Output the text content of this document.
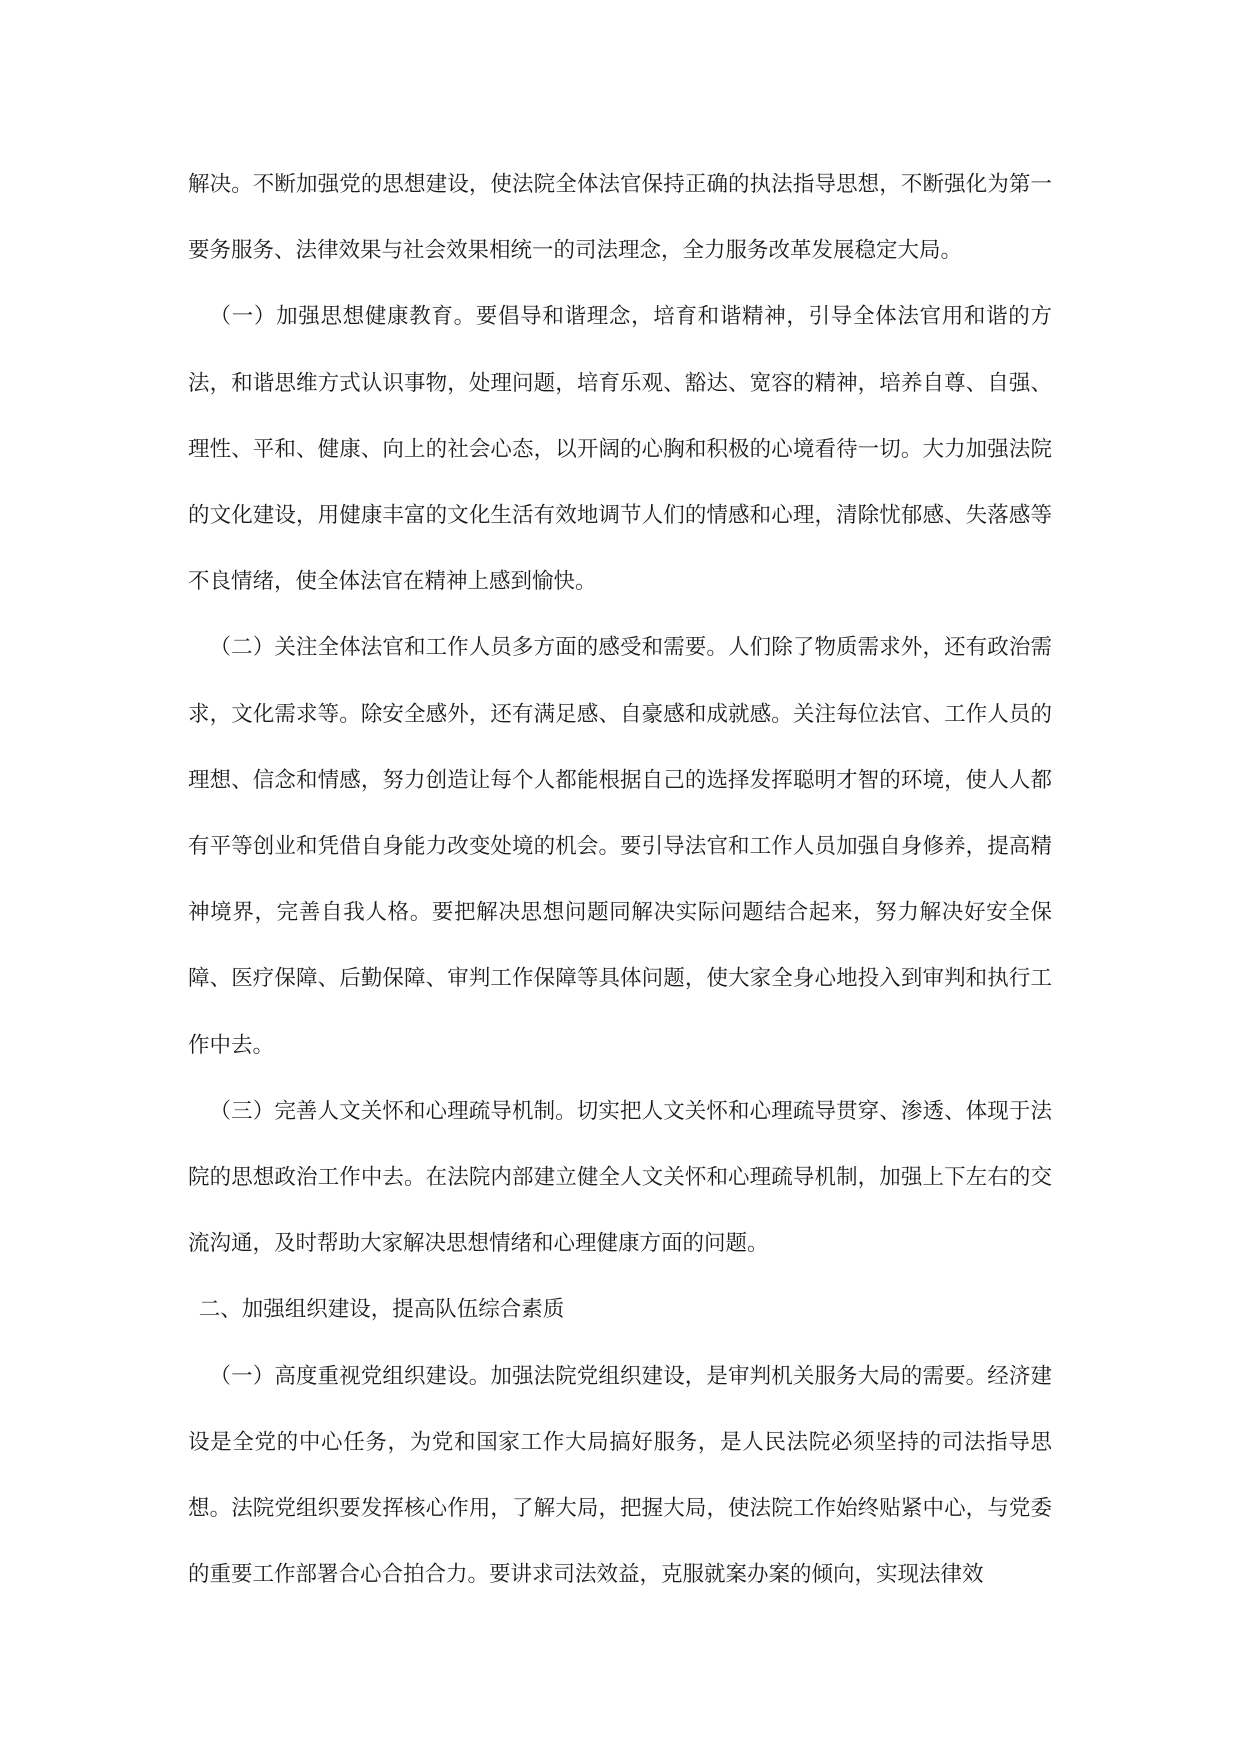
解决。不断加强党的思想建设，使法院全体法官保持正确的执法指导思想，不断强化为第一要务服务、法律效果与社会效果相统一的司法理念，全力服务改革发展稳定大局。

（一）加强思想健康教育。要倡导和谐理念，培育和谐精神，引导全体法官用和谐的方法，和谐思维方式认识事物，处理问题，培育乐观、豁达、宽容的精神，培养自尊、自强、理性、平和、健康、向上的社会心态，以开阔的心胸和积极的心境看待一切。大力加强法院的文化建设，用健康丰富的文化生活有效地调节人们的情感和心理，清除忧郁感、失落感等不良情绪，使全体法官在精神上感到愉快。

（二）关注全体法官和工作人员多方面的感受和需要。人们除了物质需求外，还有政治需求，文化需求等。除安全感外，还有满足感、自豪感和成就感。关注每位法官、工作人员的理想、信念和情感，努力创造让每个人都能根据自己的选择发挥聪明才智的环境，使人人都有平等创业和凭借自身能力改变处境的机会。要引导法官和工作人员加强自身修养，提高精神境界，完善自我人格。要把解决思想问题同解决实际问题结合起来，努力解决好安全保障、医疗保障、后勤保障、审判工作保障等具体问题，使大家全身心地投入到审判和执行工作中去。

（三）完善人文关怀和心理疏导机制。切实把人文关怀和心理疏导贯穿、渗透、体现于法院的思想政治工作中去。在法院内部建立健全人文关怀和心理疏导机制，加强上下左右的交流沟通，及时帮助大家解决思想情绪和心理健康方面的问题。

二、加强组织建设，提高队伍综合素质

（一）高度重视党组织建设。加强法院党组织建设，是审判机关服务大局的需要。经济建设是全党的中心任务，为党和国家工作大局搞好服务，是人民法院必须坚持的司法指导思想。法院党组织要发挥核心作用，了解大局，把握大局，使法院工作始终贴紧中心，与党委的重要工作部署合心合拍合力。要讲求司法效益，克服就案办案的倾向，实现法律效
